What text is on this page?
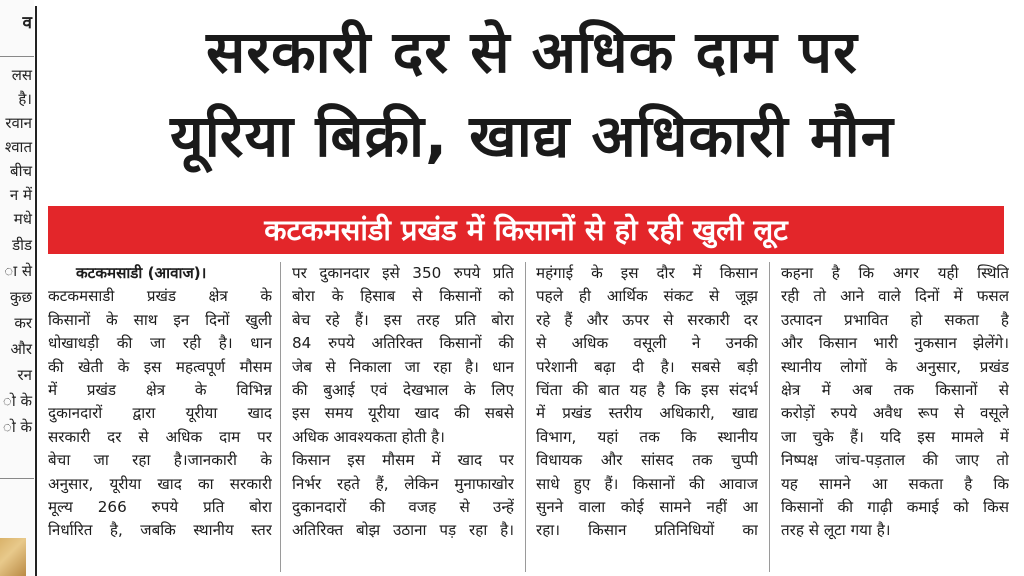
व
लस
है।
रवान
श्वात
बीच
न में
मधे
डीड
ा से
कुछ
कर
और
रन
ो के
ो के
सरकारी दर से अधिक दाम पर
यूरिया बिक्री, खाद्य अधिकारी मौन
कटकमसांडी प्रखंड में किसानों से हो रही खुली लूट
कटकमसाडी (आवाज)।
कटकमसाडी प्रखंड क्षेत्र के
किसानों के साथ इन दिनों खुली
धोखाधड़ी की जा रही है। धान
की खेती के इस महत्वपूर्ण मौसम
में प्रखंड क्षेत्र के विभिन्न
दुकानदारों द्वारा यूरीया खाद
सरकारी दर से अधिक दाम पर
बेचा जा रहा है।जानकारी के
अनुसार, यूरीया खाद का सरकारी
मूल्य 266 रुपये प्रति बोरा
निर्धारित है, जबकि स्थानीय स्तर
पर दुकानदार इसे 350 रुपये प्रति
बोरा के हिसाब से किसानों को
बेच रहे हैं। इस तरह प्रति बोरा
84 रुपये अतिरिक्त किसानों की
जेब से निकाला जा रहा है। धान
की बुआई एवं देखभाल के लिए
इस समय यूरीया खाद की सबसे
अधिक आवश्यकता होती है।
किसान इस मौसम में खाद पर
निर्भर रहते हैं, लेकिन मुनाफाखोर
दुकानदारों की वजह से उन्हें
अतिरिक्त बोझ उठाना पड़ रहा है।
महंगाई के इस दौर में किसान
पहले ही आर्थिक संकट से जूझ
रहे हैं और ऊपर से सरकारी दर
से अधिक वसूली ने उनकी
परेशानी बढ़ा दी है। सबसे बड़ी
चिंता की बात यह है कि इस संदर्भ
में प्रखंड स्तरीय अधिकारी, खाद्य
विभाग, यहां तक कि स्थानीय
विधायक और सांसद तक चुप्पी
साधे हुए हैं। किसानों की आवाज
सुनने वाला कोई सामने नहीं आ
रहा। किसान प्रतिनिधियों का
कहना है कि अगर यही स्थिति
रही तो आने वाले दिनों में फसल
उत्पादन प्रभावित हो सकता है
और किसान भारी नुकसान झेलेंगे।
स्थानीय लोगों के अनुसार, प्रखंड
क्षेत्र में अब तक किसानों से
करोड़ों रुपये अवैध रूप से वसूले
जा चुके हैं। यदि इस मामले में
निष्पक्ष जांच-पड़ताल की जाए तो
यह सामने आ सकता है कि
किसानों की गाढ़ी कमाई को किस
तरह से लूटा गया है।
